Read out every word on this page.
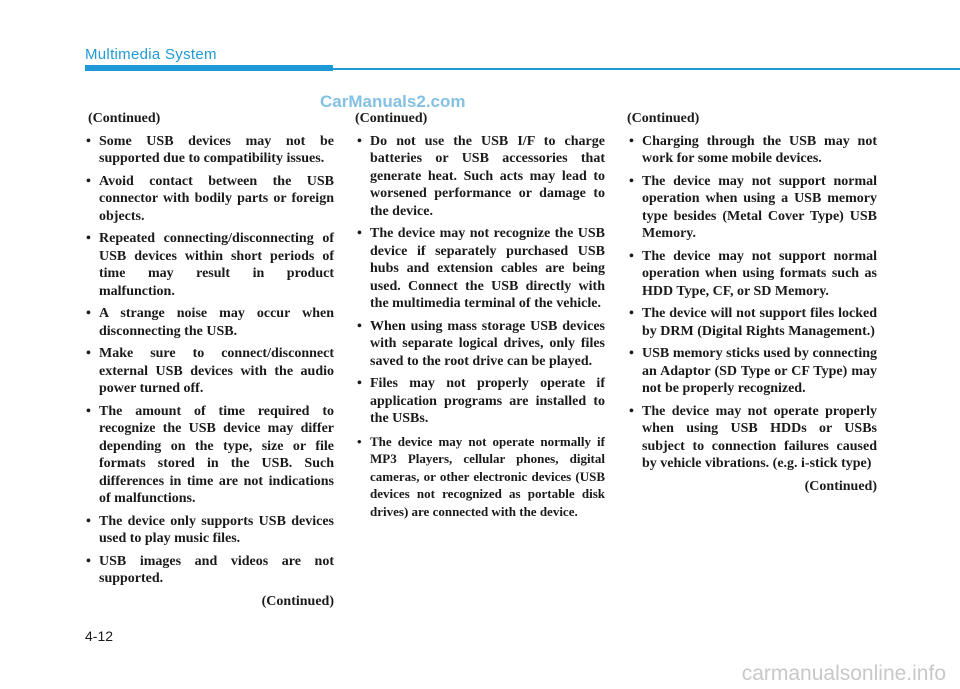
Multimedia System
CarManuals2.com
(Continued)
• Some USB devices may not be supported due to compatibility issues.
• Avoid contact between the USB connector with bodily parts or foreign objects.
• Repeated connecting/disconnecting of USB devices within short periods of time may result in product malfunction.
• A strange noise may occur when disconnecting the USB.
• Make sure to connect/disconnect external USB devices with the audio power turned off.
• The amount of time required to recognize the USB device may differ depending on the type, size or file formats stored in the USB. Such differences in time are not indications of malfunctions.
• The device only supports USB devices used to play music files.
• USB images and videos are not supported.
(Continued)
(Continued)
• Do not use the USB I/F to charge batteries or USB accessories that generate heat. Such acts may lead to worsened performance or damage to the device.
• The device may not recognize the USB device if separately purchased USB hubs and extension cables are being used. Connect the USB directly with the multimedia terminal of the vehicle.
• When using mass storage USB devices with separate logical drives, only files saved to the root drive can be played.
• Files may not properly operate if application programs are installed to the USBs.
• The device may not operate normally if MP3 Players, cellular phones, digital cameras, or other electronic devices (USB devices not recognized as portable disk drives) are connected with the device.
(Continued)
• Charging through the USB may not work for some mobile devices.
• The device may not support normal operation when using a USB memory type besides (Metal Cover Type) USB Memory.
• The device may not support normal operation when using formats such as HDD Type, CF, or SD Memory.
• The device will not support files locked by DRM (Digital Rights Management.)
• USB memory sticks used by connecting an Adaptor (SD Type or CF Type) may not be properly recognized.
• The device may not operate properly when using USB HDDs or USBs subject to connection failures caused by vehicle vibrations. (e.g. i-stick type)
(Continued)
4-12
carmanualsonline.info
